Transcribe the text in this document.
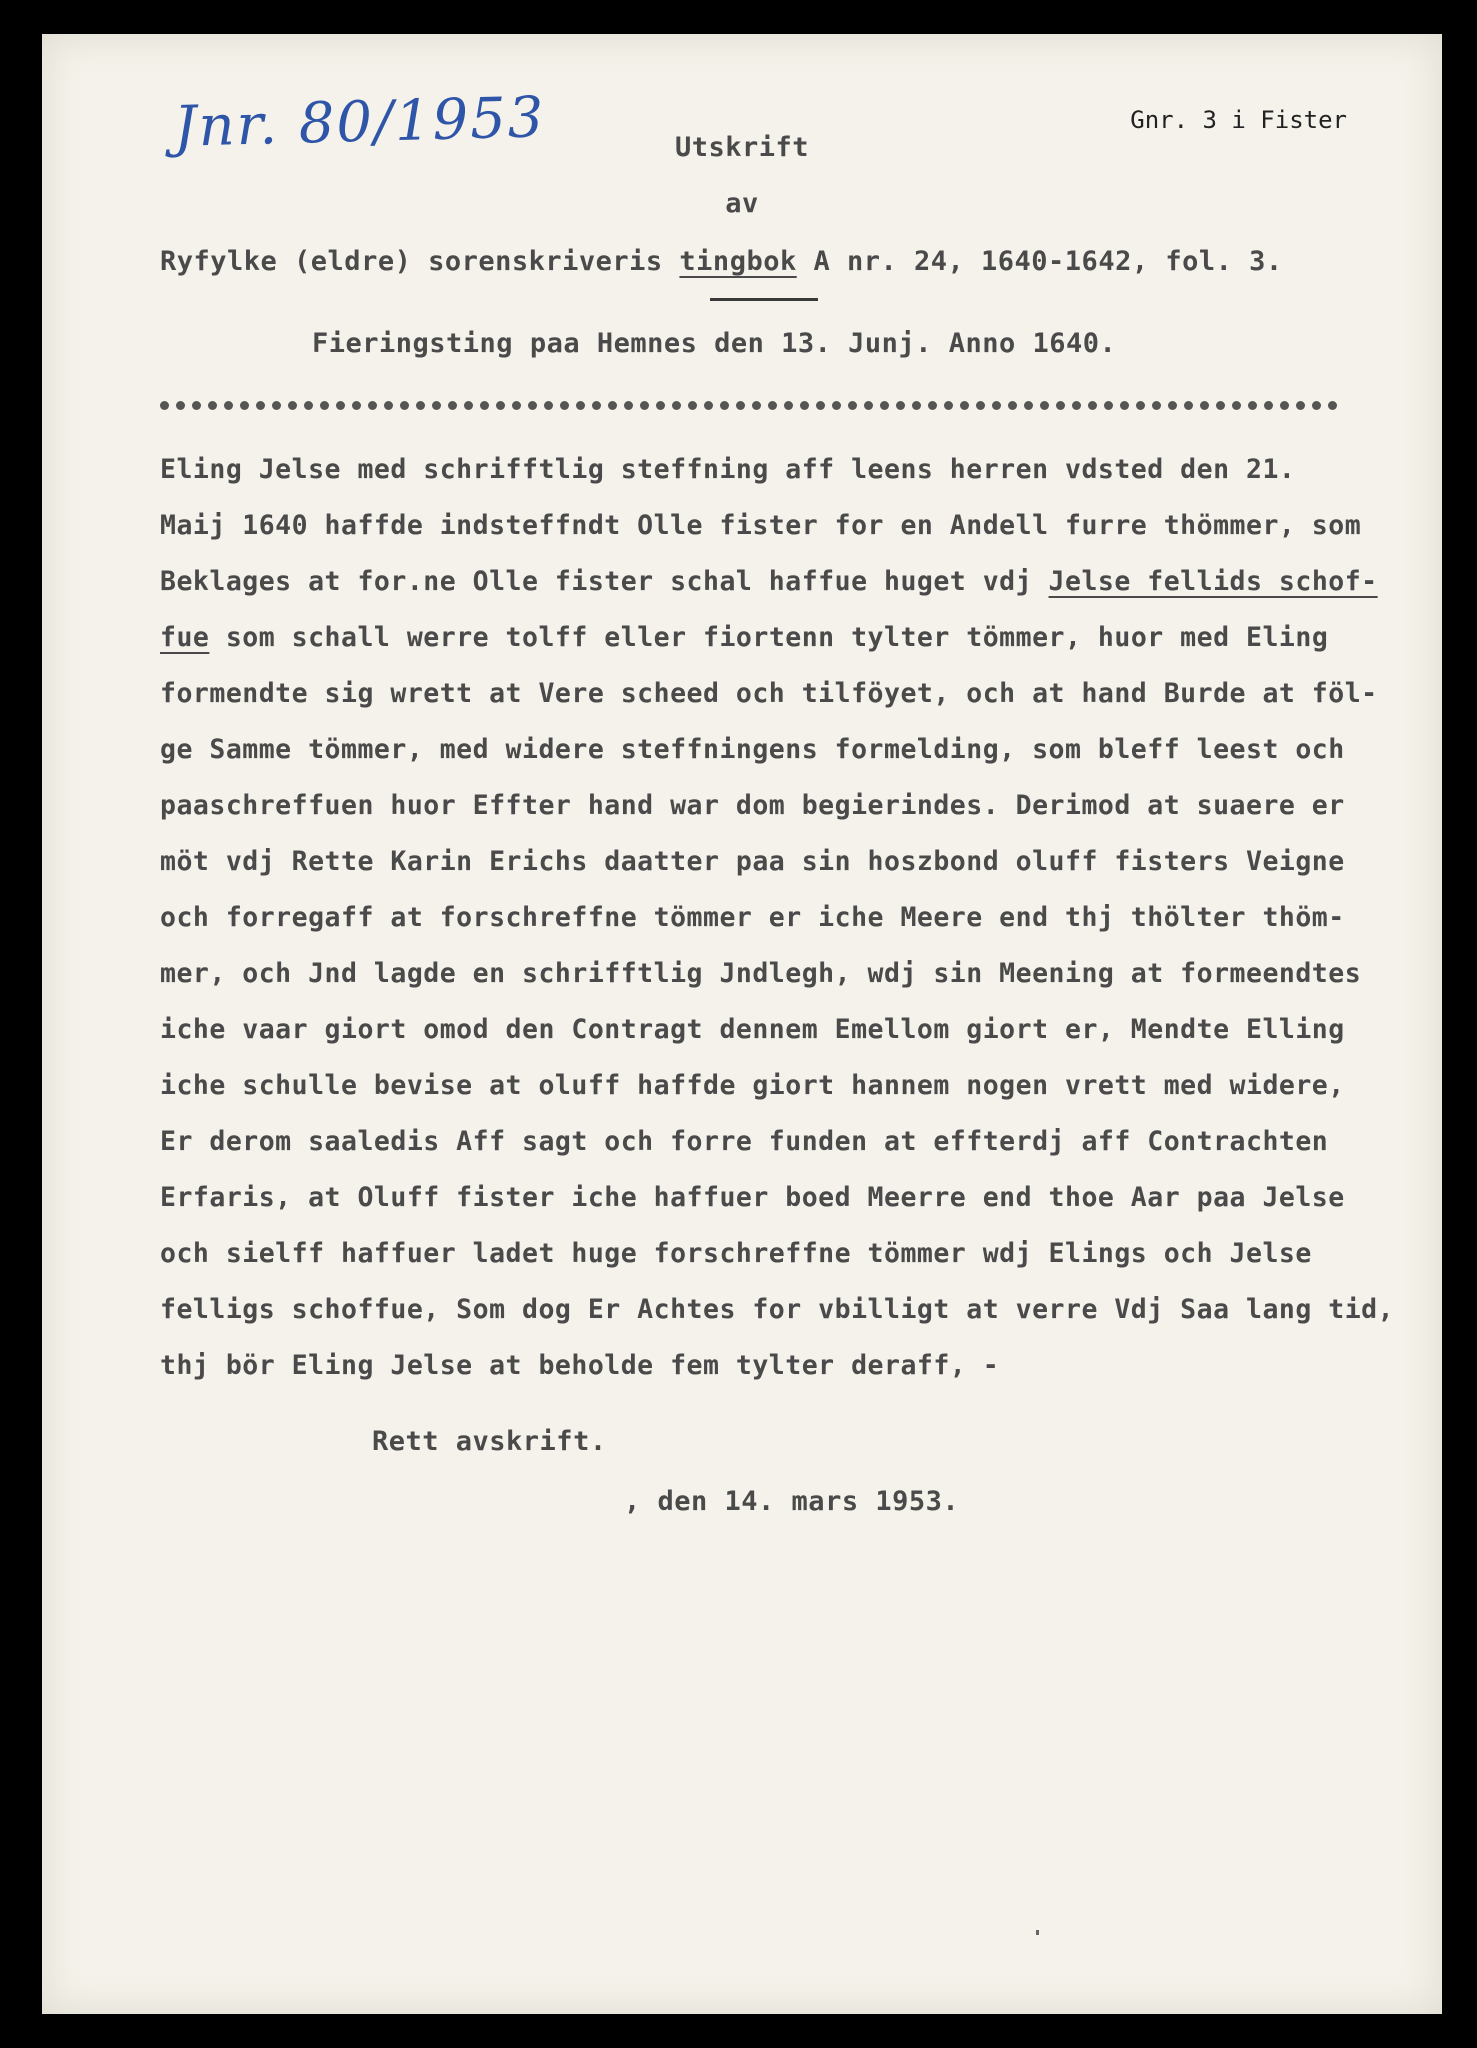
Jnr. 80/1953	Gnr. 3 i Fister
Utskrift
av
Ryfylke (eldre) sorenskriveris tingbok A nr. 24, 1640-1642, fol. 3.
Fieringsting paa Hemnes den 13. Junj. Anno 1640.
Eling Jelse med schrifftlig steffning aff leens herren vdsted den 21.
Maij 1640 haffde indsteffndt Olle fister for en Andell furre thömmer, som
Beklages at for.ne Olle fister schal haffue huget vdj Jelse fellids schof-
fue som schall werre tolff eller fiortenn tylter tömmer, huor med Eling
formendte sig wrett at Vere scheed och tilföyet, och at hand Burde at föl-
ge Samme tömmer, med widere steffningens formelding, som bleff leest och
paaschreffuen huor Effter hand war dom begierindes. Derimod at suaere er
möt vdj Rette Karin Erichs daatter paa sin hoszbond oluff fisters Veigne
och forregaff at forschreffne tömmer er iche Meere end thj thölter thöm-
mer, och Jnd lagde en schrifftlig Jndlegh, wdj sin Meening at formeendtes
iche vaar giort omod den Contragt dennem Emellom giort er, Mendte Elling
iche schulle bevise at oluff haffde giort hannem nogen vrett med widere,
Er derom saaledis Aff sagt och forre funden at effterdj aff Contrachten
Erfaris, at Oluff fister iche haffuer boed Meerre end thoe Aar paa Jelse
och sielff haffuer ladet huge forschreffne tömmer wdj Elings och Jelse
felligs schoffue, Som dog Er Achtes for vbilligt at verre Vdj Saa lang tid,
thj bör Eling Jelse at beholde fem tylter deraff, -
Rett avskrift.
, den 14. mars 1953.
